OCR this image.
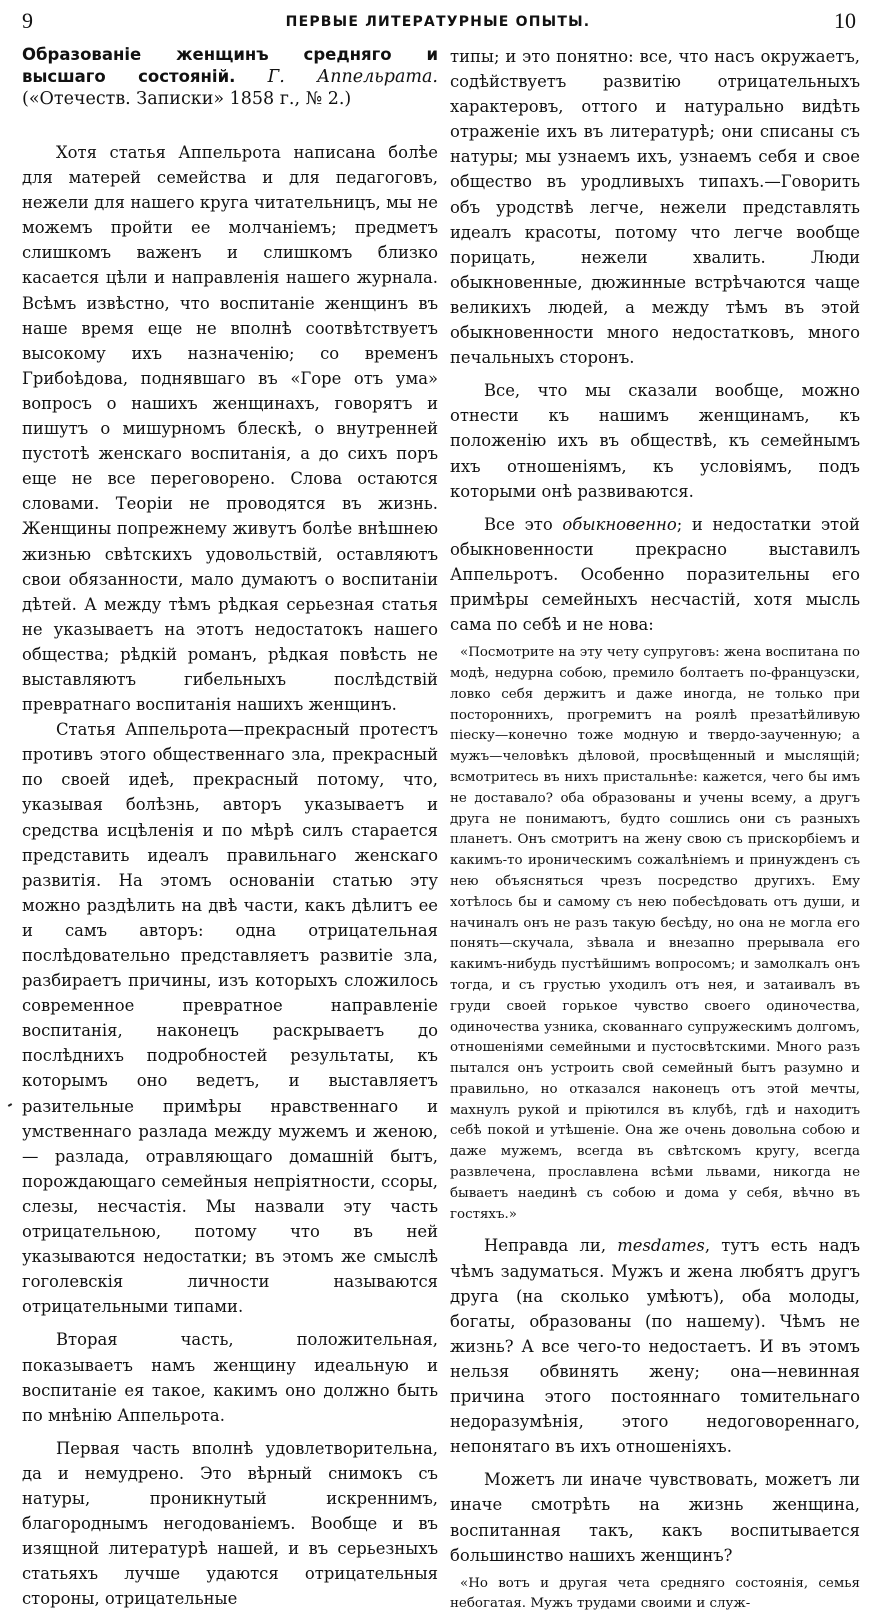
9	ПЕРВЫЕ ЛИТЕРАТУРНЫЕ ОПЫТЫ.	10
Образованіе женщинъ средняго и высшаго состояній. Г. Аппельрата. («Отечеств. Записки» 1858 г., № 2.)

Хотя статья Аппельрота написана болѣе для матерей семейства и для педагоговъ, нежели для нашего круга читательницъ, мы не можемъ пройти ее молчаніемъ; предметъ слишкомъ важенъ и слишкомъ близко касается цѣли и направленія нашего журнала. Всѣмъ извѣстно, что воспитаніе женщинъ въ наше время еще не вполнѣ соотвѣтствуетъ высокому ихъ назначенію; со временъ Грибоѣдова, поднявшаго въ «Горе отъ ума» вопросъ о нашихъ женщинахъ, говорятъ и пишутъ о мишурномъ блескѣ, о внутренней пустотѣ женскаго воспитанія, а до сихъ поръ еще не все переговорено. Слова остаются словами. Теоріи не проводятся въ жизнь. Женщины попрежнему живутъ болѣе внѣшнею жизнью свѣтскихъ удовольствій, оставляютъ свои обязанности, мало думаютъ о воспитаніи дѣтей. А между тѣмъ рѣдкая серьезная статья не указываетъ на этотъ недостатокъ нашего общества; рѣдкій романъ, рѣдкая повѣсть не выставляютъ гибельныхъ послѣдствій превратнаго воспитанія нашихъ женщинъ.

Статья Аппельрота—прекрасный протестъ противъ этого общественнаго зла, прекрасный по своей идеѣ, прекрасный потому, что, указывая болѣзнь, авторъ указываетъ и средства исцѣленія и по мѣрѣ силъ старается представить идеалъ правильнаго женскаго развитія. На этомъ основаніи статью эту можно раздѣлить на двѣ части, какъ дѣлитъ ее и самъ авторъ: одна отрицательная послѣдовательно представляетъ развитіе зла, разбираетъ причины, изъ которыхъ сложилось современное превратное направленіе воспитанія, наконецъ раскрываетъ до послѣднихъ подробностей результаты, къ которымъ оно ведетъ, и выставляетъ разительные примѣры нравственнаго и умственнаго разлада между мужемъ и женою, — разлада, отравляющаго домашній бытъ, порождающаго семейныя непріятности, ссоры, слезы, несчастія. Мы назвали эту часть отрицательною, потому что въ ней указываются недостатки; въ этомъ же смыслѣ гоголевскія личности называются отрицательными типами.

Вторая часть, положительная, показываетъ намъ женщину идеальную и воспитаніе ея такое, какимъ оно должно быть по мнѣнію Аппельрота.

Первая часть вполнѣ удовлетворительна, да и немудрено. Это вѣрный снимокъ съ натуры, проникнутый искреннимъ, благороднымъ негодованіемъ. Вообще и въ изящной литературѣ нашей, и въ серьезныхъ статьяхъ лучше удаются отрицательныя стороны, отрицательные

типы; и это понятно: все, что насъ окружаетъ, содѣйствуетъ развитію отрицательныхъ характеровъ, оттого и натурально видѣть отраженіе ихъ въ литературѣ; они списаны съ натуры; мы узнаемъ ихъ, узнаемъ себя и свое общество въ уродливыхъ типахъ.—Говорить объ уродствѣ легче, нежели представлять идеалъ красоты, потому что легче вообще порицать, нежели хвалить. Люди обыкновенные, дюжинные встрѣчаются чаще великихъ людей, а между тѣмъ въ этой обыкновенности много недостатковъ, много печальныхъ сторонъ.

Все, что мы сказали вообще, можно отнести къ нашимъ женщинамъ, къ положенію ихъ въ обществѣ, къ семейнымъ ихъ отношеніямъ, къ условіямъ, подъ которыми онѣ развиваются.

Все это обыкновенно; и недостатки этой обыкновенности прекрасно выставилъ Аппельротъ. Особенно поразительны его примѣры семейныхъ несчастій, хотя мысль сама по себѣ и не нова:

«Посмотрите на эту чету супруговъ: жена воспитана по модѣ, недурна собою, премило болтаетъ по-французски, ловко себя держитъ и даже иногда, не только при постороннихъ, прогремитъ на роялѣ презатѣйливую піеску—конечно тоже модную и твердо-заученную; а мужъ—человѣкъ дѣловой, просвѣщенный и мыслящій; всмотритесь въ нихъ пристальнѣе: кажется, чего бы имъ не доставало? оба образованы и учены всему, а другъ друга не понимаютъ, будто сошлись они съ разныхъ планетъ. Онъ смотритъ на жену свою съ прискорбіемъ и какимъ-то ироническимъ сожалѣніемъ и принужденъ съ нею объясняться чрезъ посредство другихъ. Ему хотѣлось бы и самому съ нею побесѣдовать отъ души, и начиналъ онъ не разъ такую бесѣду, но она не могла его понять—скучала, зѣвала и внезапно прерывала его какимъ-нибудь пустѣйшимъ вопросомъ; и замолкалъ онъ тогда, и съ грустью уходилъ отъ нея, и затаивалъ въ груди своей горькое чувство своего одиночества, одиночества узника, скованнаго супружескимъ долгомъ, отношеніями семейными и пустосвѣтскими. Много разъ пытался онъ устроить свой семейный бытъ разумно и правильно, но отказался наконецъ отъ этой мечты, махнулъ рукой и пріютился въ клубѣ, гдѣ и находитъ себѣ покой и утѣшеніе. Она же очень довольна собою и даже мужемъ, всегда въ свѣтскомъ кругу, всегда развлечена, прославлена всѣми львами, никогда не бываетъ наединѣ съ собою и дома у себя, вѣчно въ гостяхъ.»

Неправда ли, mesdames, тутъ есть надъ чѣмъ задуматься. Мужъ и жена любятъ другъ друга (на сколько умѣютъ), оба молоды, богаты, образованы (по нашему). Чѣмъ не жизнь? А все чего-то недостаетъ. И въ этомъ нельзя обвинять жену; она—невинная причина этого постояннаго томительнаго недоразумѣнія, этого недоговореннаго, непонятаго въ ихъ отношеніяхъ.

Можетъ ли иначе чувствовать, можетъ ли иначе смотрѣть на жизнь женщина, воспитанная такъ, какъ воспитывается большинство нашихъ женщинъ?

«Но вотъ и другая чета средняго состоянія, семья небогатая. Мужъ трудами своими и служ-
